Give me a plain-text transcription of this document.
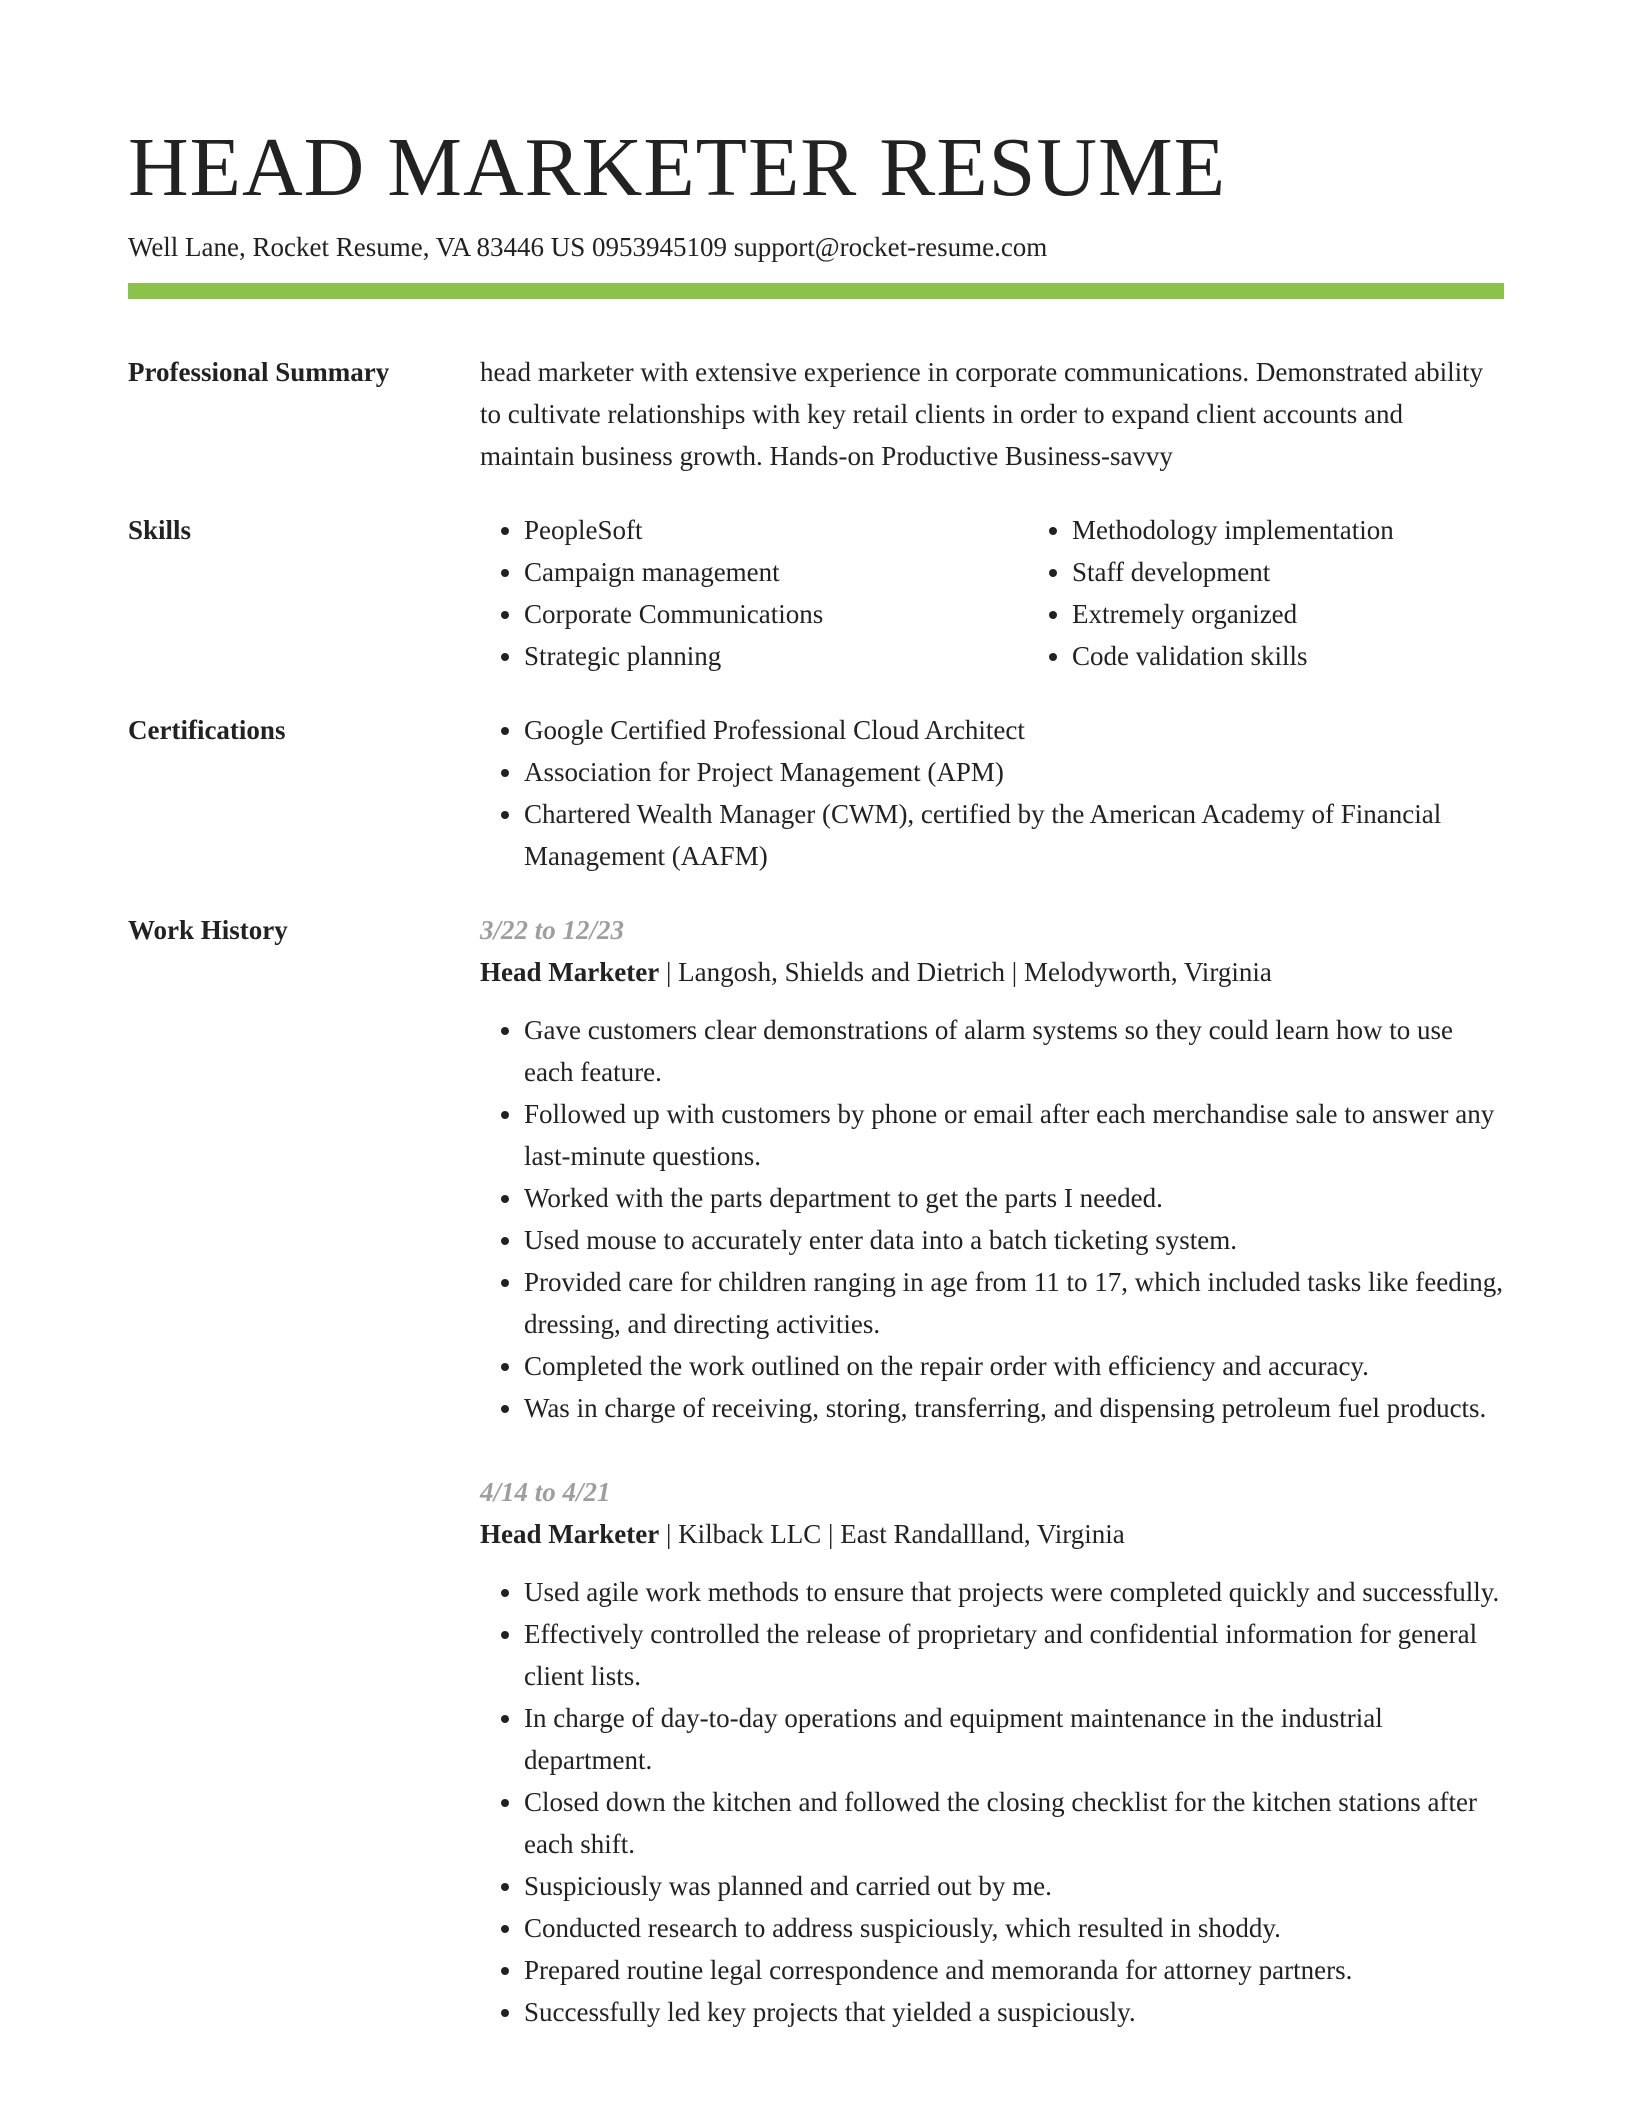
HEAD MARKETER RESUME
Well Lane, Rocket Resume, VA 83446 US 0953945109 support@rocket-resume.com
Professional Summary	head marketer with extensive experience in corporate communications. Demonstrated ability to cultivate relationships with key retail clients in order to expand client accounts and maintain business growth. Hands-on Productive Business-savvy

Skills	• PeopleSoft
• Campaign management
• Corporate Communications
• Strategic planning
• Methodology implementation
• Staff development
• Extremely organized
• Code validation skills
Certifications	• Google Certified Professional Cloud Architect
• Association for Project Management (APM)
• Chartered Wealth Manager (CWM), certified by the American Academy of Financial Management (AAFM)
Work History	3/22 to 12/23
Head Marketer | Langosh, Shields and Dietrich | Melodyworth, Virginia
• Gave customers clear demonstrations of alarm systems so they could learn how to use each feature.
• Followed up with customers by phone or email after each merchandise sale to answer any last-minute questions.
• Worked with the parts department to get the parts I needed.
• Used mouse to accurately enter data into a batch ticketing system.
• Provided care for children ranging in age from 11 to 17, which included tasks like feeding, dressing, and directing activities.
• Completed the work outlined on the repair order with efficiency and accuracy.
• Was in charge of receiving, storing, transferring, and dispensing petroleum fuel products.
4/14 to 4/21
Head Marketer | Kilback LLC | East Randallland, Virginia
• Used agile work methods to ensure that projects were completed quickly and successfully.
• Effectively controlled the release of proprietary and confidential information for general client lists.
• In charge of day-to-day operations and equipment maintenance in the industrial department.
• Closed down the kitchen and followed the closing checklist for the kitchen stations after each shift.
• Suspiciously was planned and carried out by me.
• Conducted research to address suspiciously, which resulted in shoddy.
• Prepared routine legal correspondence and memoranda for attorney partners.
• Successfully led key projects that yielded a suspiciously.
